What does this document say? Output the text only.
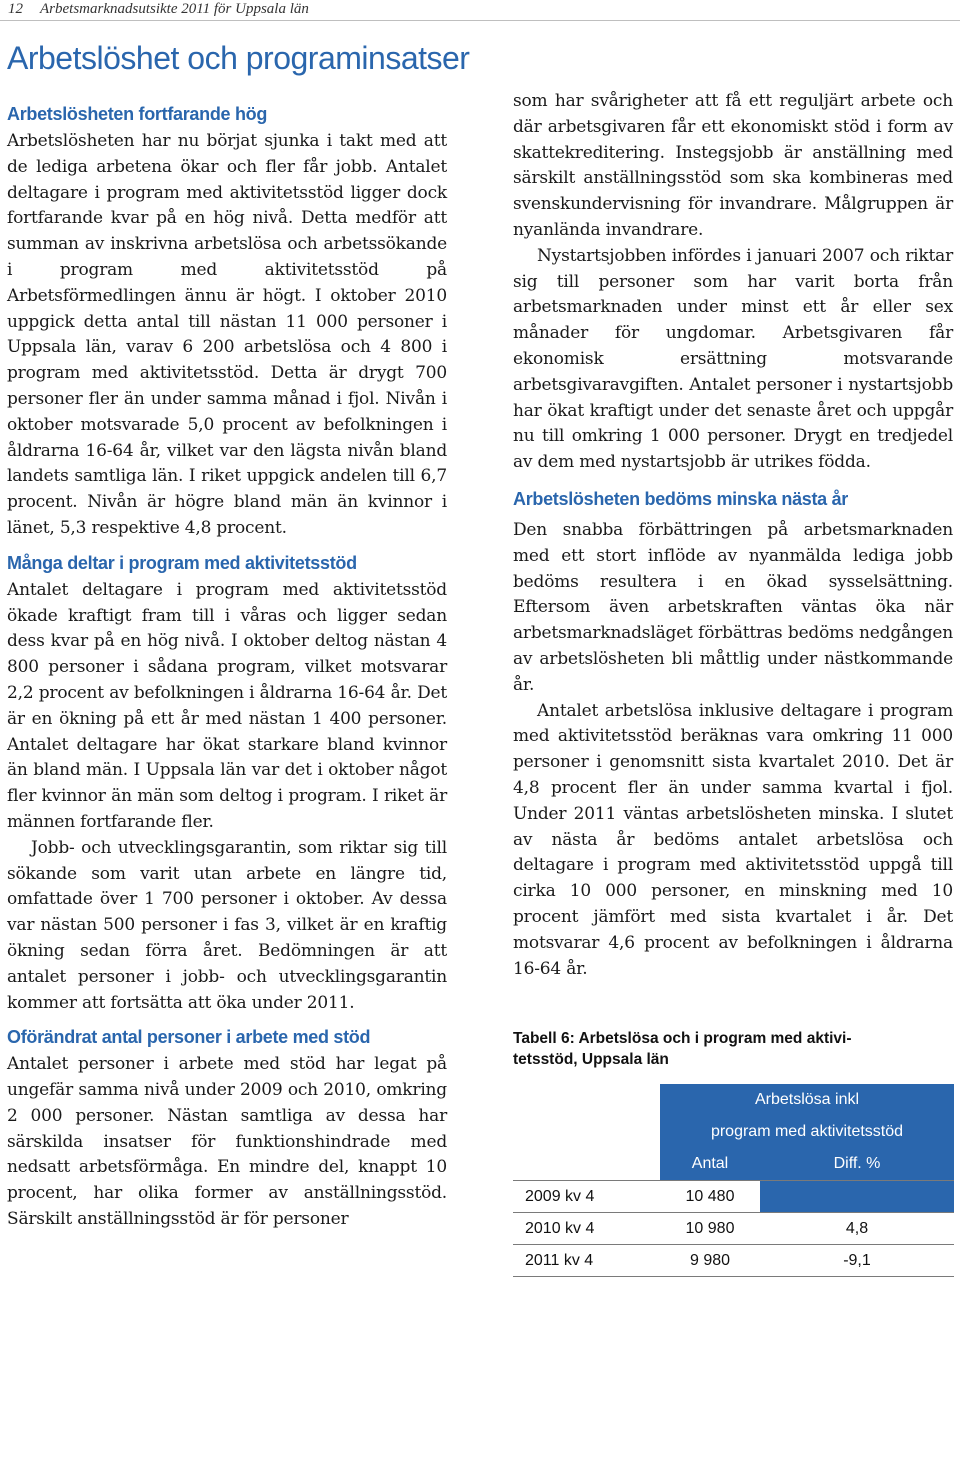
12 Arbetsmarknadsutsikte 2011 för Uppsala län
Arbetslöshet och programinsatser
Arbetslösheten fortfarande hög

Arbetslösheten har nu börjat sjunka i takt med att de lediga arbetena ökar och fler får jobb. Antalet deltagare i program med aktivitetsstöd ligger dock fortfarande kvar på en hög nivå. Detta medför att summan av inskrivna arbetslösa och arbetssökande i program med aktivitetsstöd på Arbetsförmedlingen ännu är högt. I oktober 2010 uppgick detta antal till nästan 11 000 personer i Uppsala län, varav 6 200 arbetslösa och 4 800 i program med aktivitetsstöd. Detta är drygt 700 personer fler än under samma månad i fjol. Nivån i oktober motsvarade 5,0 procent av befolkningen i åldrarna 16-64 år, vilket var den lägsta nivån bland landets samtliga län. I riket uppgick andelen till 6,7 procent. Nivån är högre bland män än kvinnor i länet, 5,3 respektive 4,8 procent.

Många deltar i program med aktivitetsstöd

Antalet deltagare i program med aktivitetsstöd ökade kraftigt fram till i våras och ligger sedan dess kvar på en hög nivå. I oktober deltog nästan 4 800 personer i sådana program, vilket motsvarar 2,2 procent av befolkningen i åldrarna 16-64 år. Det är en ökning på ett år med nästan 1 400 personer. Antalet deltagare har ökat starkare bland kvinnor än bland män. I Uppsala län var det i oktober något fler kvinnor än män som deltog i program. I riket är männen fortfarande fler.

Jobb- och utvecklingsgarantin, som riktar sig till sökande som varit utan arbete en längre tid, omfattade över 1 700 personer i oktober. Av dessa var nästan 500 personer i fas 3, vilket är en kraftig ökning sedan förra året. Bedömningen är att antalet personer i jobb- och utvecklingsgarantin kommer att fortsätta att öka under 2011.

Oförändrat antal personer i arbete med stöd

Antalet personer i arbete med stöd har legat på ungefär samma nivå under 2009 och 2010, omkring 2 000 personer. Nästan samtliga av dessa har särskilda insatser för funktionshindrade med nedsatt arbetsförmåga. En mindre del, knappt 10 procent, har olika former av anställningsstöd. Särskilt anställningsstöd är för personer

som har svårigheter att få ett reguljärt arbete och där arbetsgivaren får ett ekonomiskt stöd i form av skattekreditering. Instegsjobb är anställning med särskilt anställningsstöd som ska kombineras med svenskundervisning för invandrare. Målgruppen är nyanlända invandrare.

Nystartsjobben infördes i januari 2007 och riktar sig till personer som har varit borta från arbetsmarknaden under minst ett år eller sex månader för ungdomar. Arbetsgivaren får ekonomisk ersättning motsvarande arbetsgivaravgiften. Antalet personer i nystartsjobb har ökat kraftigt under det senaste året och uppgår nu till omkring 1 000 personer. Drygt en tredjedel av dem med nystartsjobb är utrikes födda.

Arbetslösheten bedöms minska nästa år

Den snabba förbättringen på arbetsmarknaden med ett stort inflöde av nyanmälda lediga jobb bedöms resultera i en ökad sysselsättning. Eftersom även arbetskraften väntas öka när arbetsmarknadsläget förbättras bedöms nedgången av arbetslösheten bli måttlig under nästkommande år.

Antalet arbetslösa inklusive deltagare i program med aktivitetsstöd beräknas vara omkring 11 000 personer i genomsnitt sista kvartalet 2010. Det är 4,8 procent fler än under samma kvartal i fjol. Under 2011 väntas arbetslösheten minska. I slutet av nästa år bedöms antalet arbetslösa och deltagare i program med aktivitetsstöd uppgå till cirka 10 000 personer, en minskning med 10 procent jämfört med sista kvartalet i år. Det motsvarar 4,6 procent av befolkningen i åldrarna 16-64 år.

Tabell 6: Arbetslösa och i program med aktivi-
tetsstöd, Uppsala län

	Arbetslösa inkl	
	program med aktivitetsstöd	
	Antal	Diff. %
2009 kv 4	10 480	
2010 kv 4	10 980	4,8
2011 kv 4	9 980	-9,1
